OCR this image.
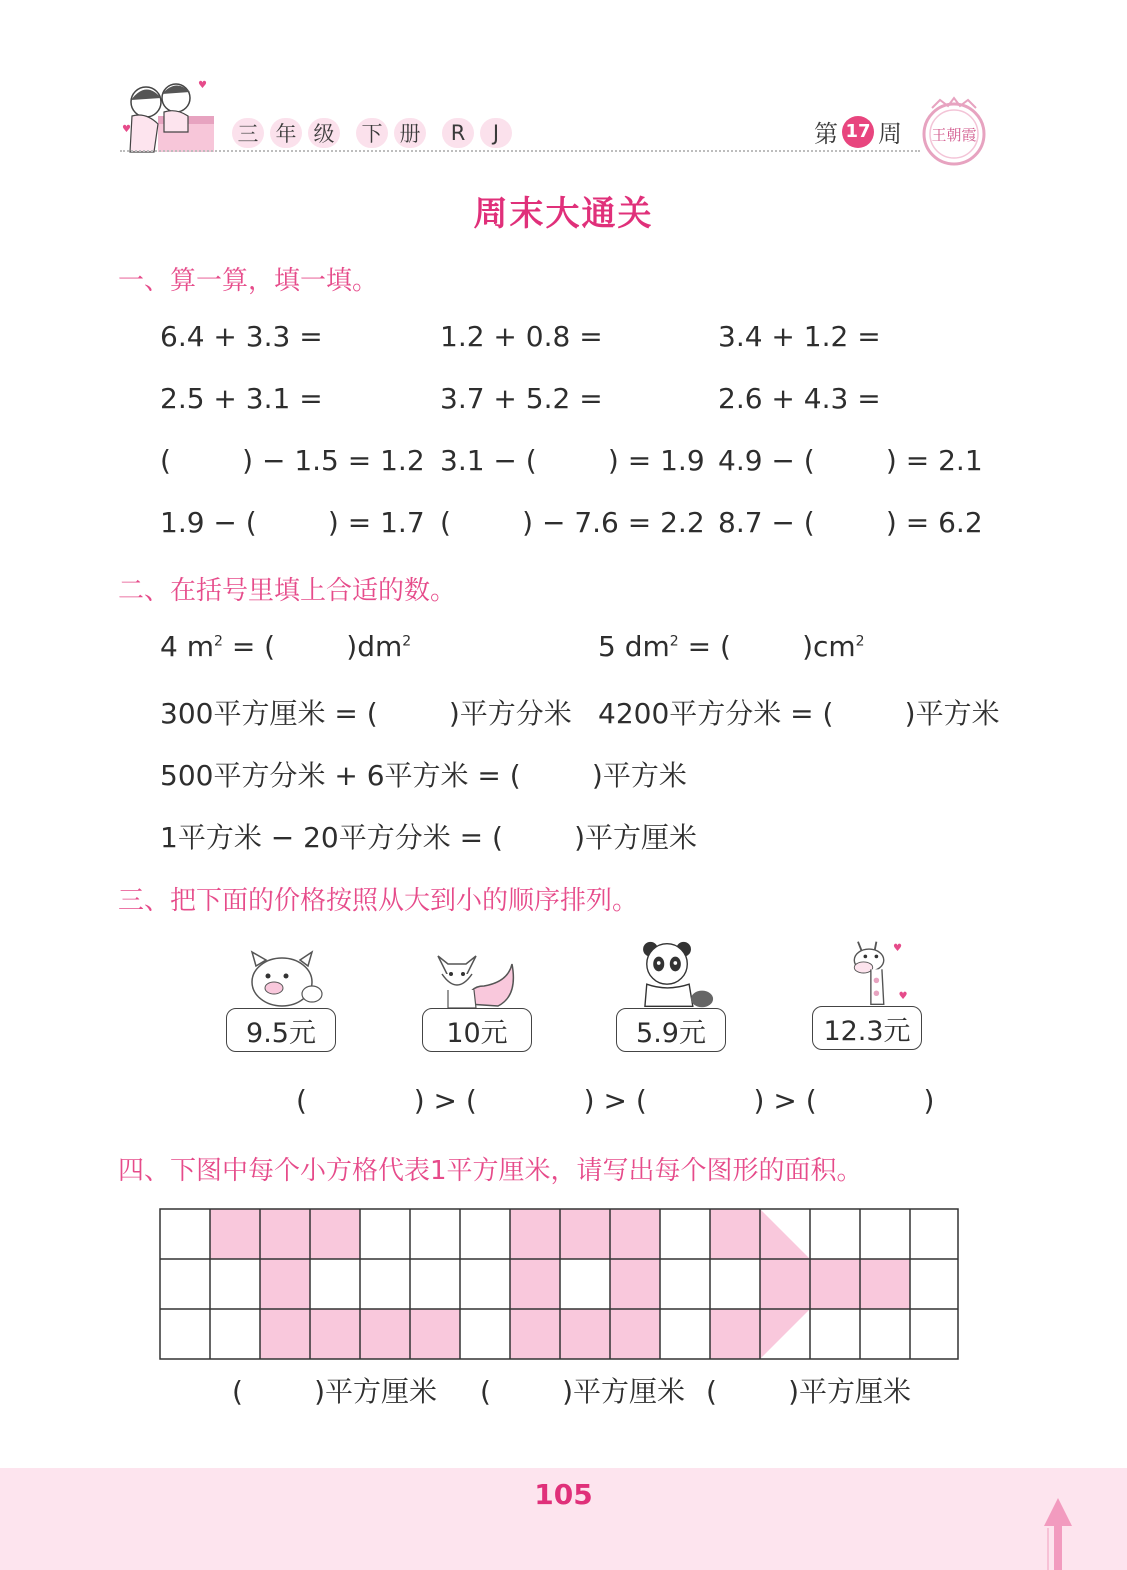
♥
♥	三 年 级 下 册	R	J	第 17 周 王朝霞
周末大通关
一、算一算，填一填。
6.4 + 3.3 =	1.2 + 0.8 =	3.4 + 1.2 =
2.5 + 3.1 =	3.7 + 5.2 =	2.6 + 4.3 =
(        ) − 1.5 = 1.2 3.1 − (        ) = 1.9 4.9 − (        ) = 2.1
1.9 − (        ) = 1.7 (        ) − 7.6 = 2.2 8.7 − (        ) = 6.2
二、在括号里填上合适的数。
4 $m^2$ = (        )$dm^2$	5 $dm^2$ = (        )$cm^2$
300平方厘米 = (        )平方分米 4200平方分米 = (        )平方米
500平方分米 + 6平方米 = (        )平方米
1平方米 − 20平方分米 = (        )平方厘米
三、把下面的价格按照从大到小的顺序排列。
♥
♥
9.5元	10元	5.9元	12.3元
(            ) > (            ) > (            ) > (            )
四、下图中每个小方格代表1平方厘米，请写出每个图形的面积。
(        )平方厘米 (        )平方厘米 (        )平方厘米
105
